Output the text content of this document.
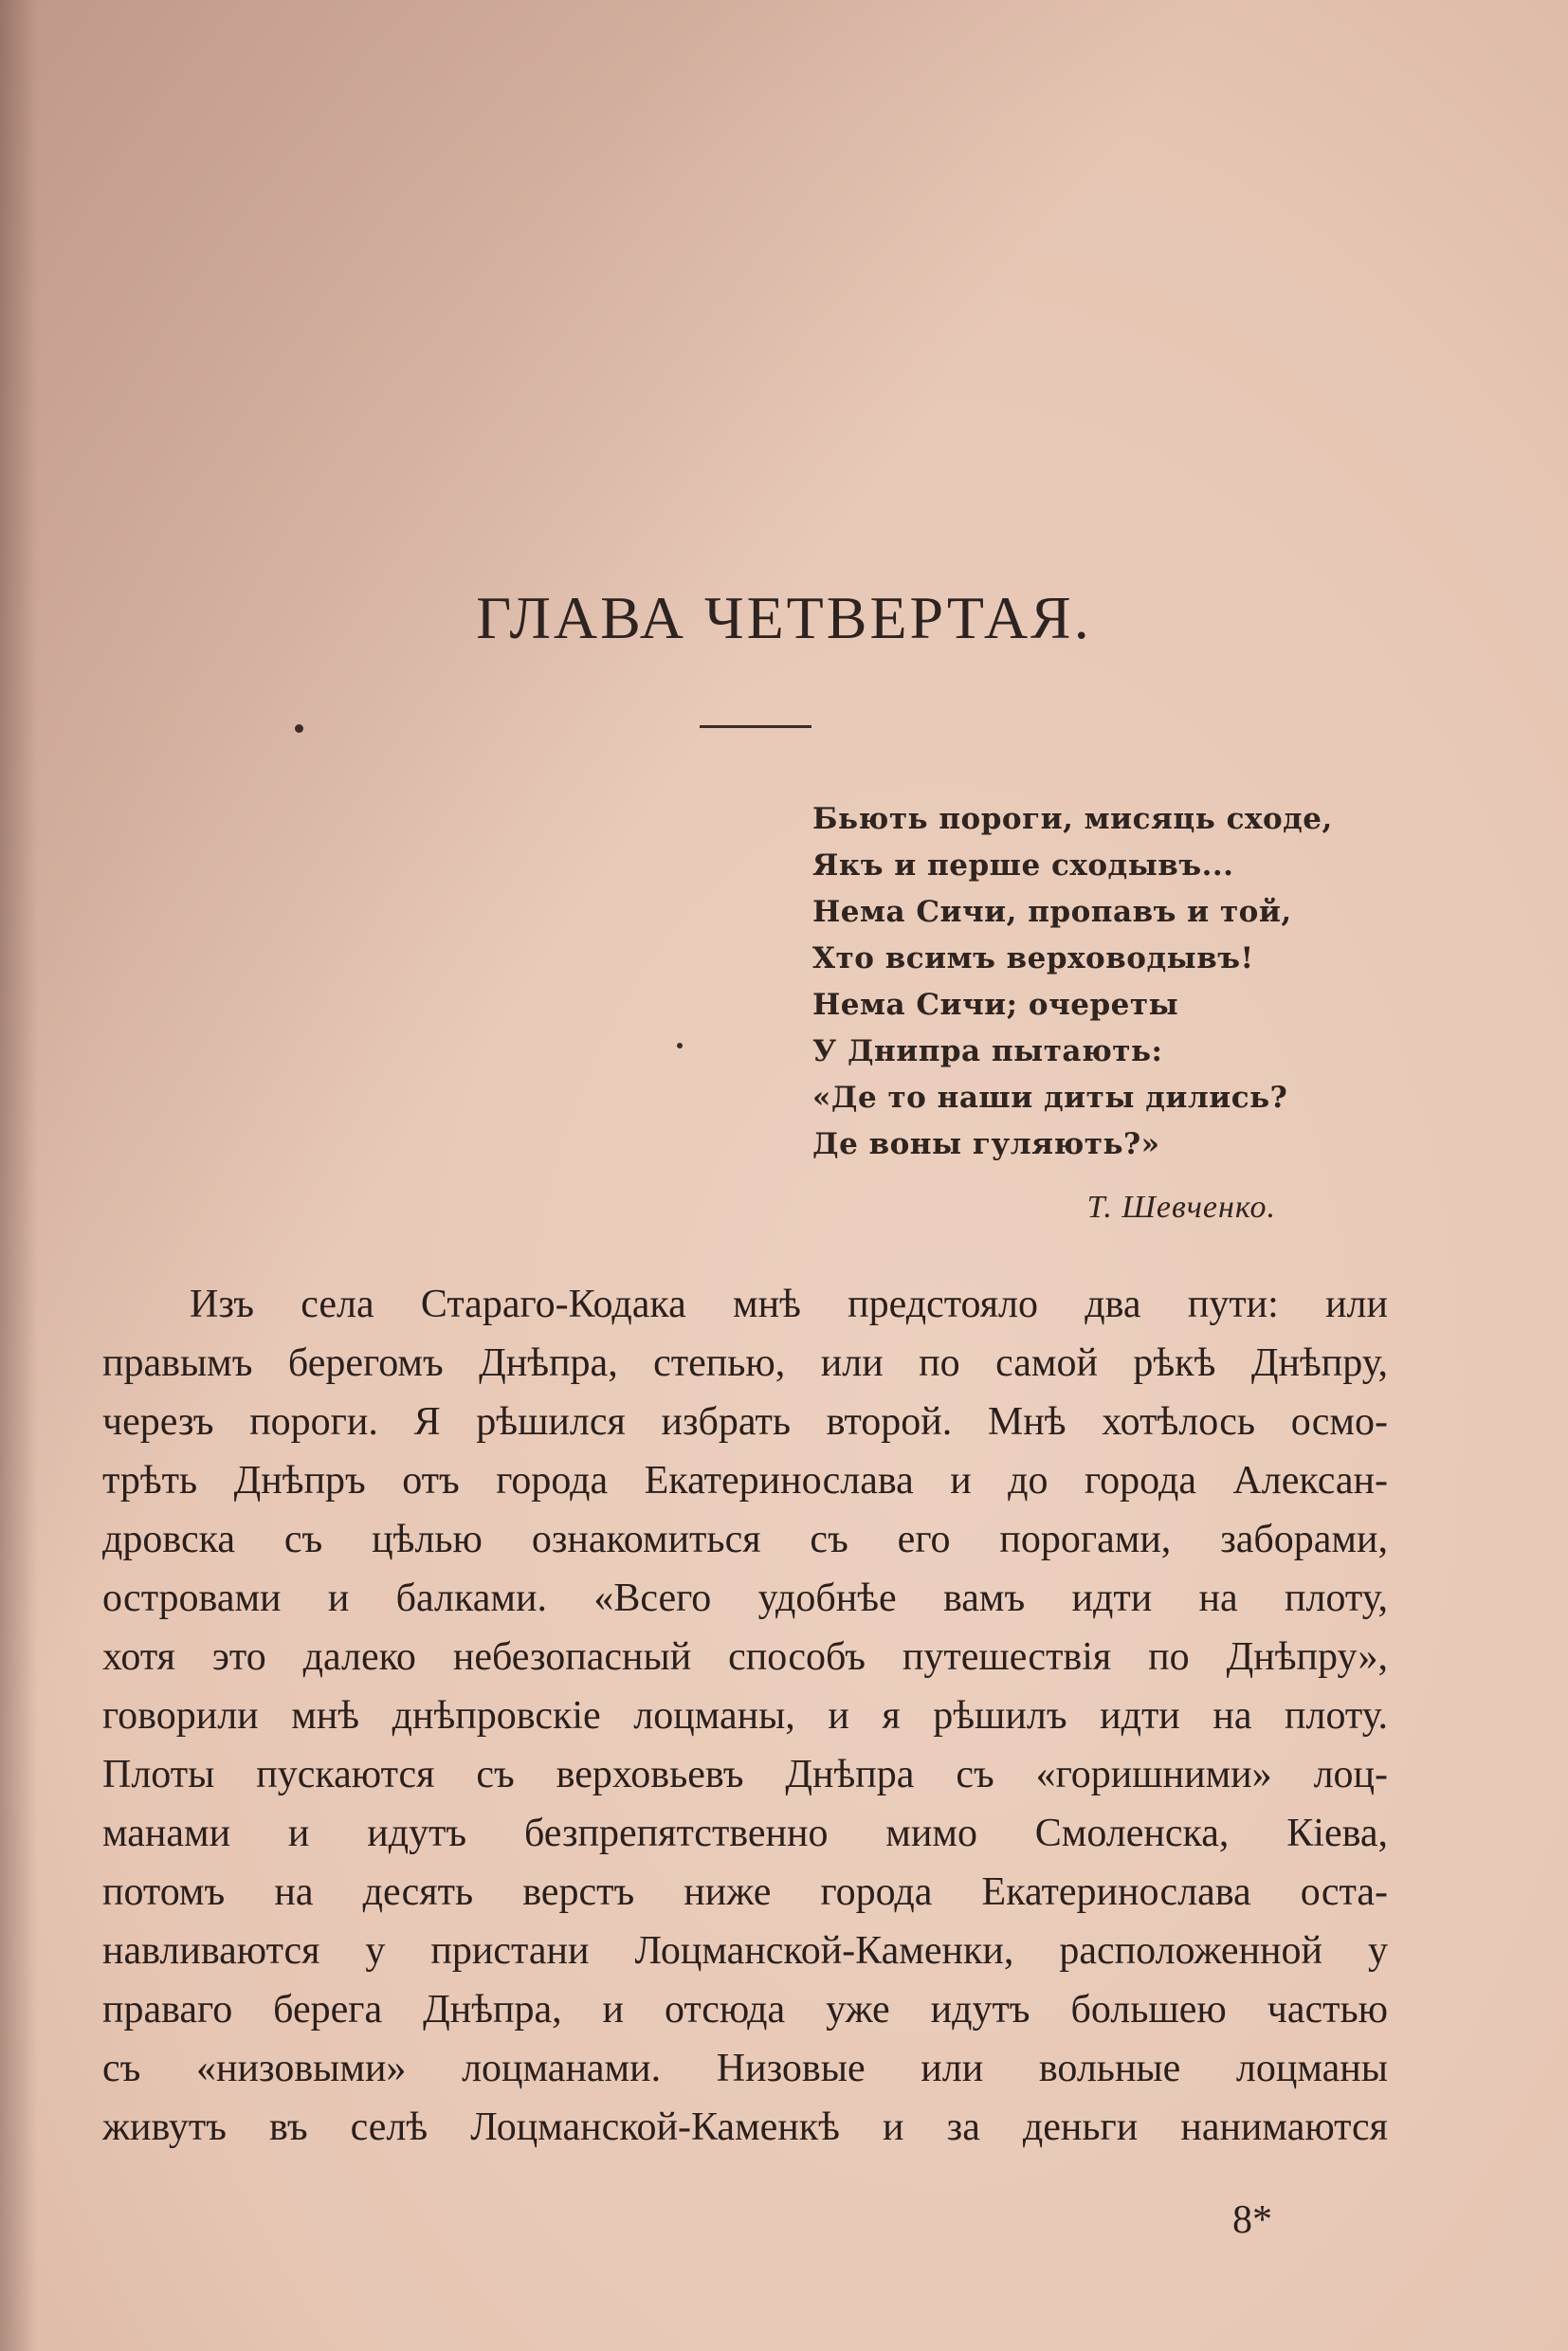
ГЛАВА ЧЕТВЕРТАЯ.
Бьють пороги, мисяць сходе,
Якъ и перше сходывъ...
Нема Сичи, пропавъ и той,
Хто всимъ верховодывъ!
Нема Сичи; очереты
У Днипра пытають:
«Де то наши диты дились?
Де воны гуляють?»
Т. Шевченко.
Изъ села Стараго-Кодака мнѣ предстояло два пути: или
правымъ берегомъ Днѣпра, степью, или по самой рѣкѣ Днѣпру,
черезъ пороги. Я рѣшился избрать второй. Мнѣ хотѣлось осмо-
трѣть Днѣпръ отъ города Екатеринослава и до города Алексан-
дровска съ цѣлью ознакомиться съ его порогами, заборами,
островами и балками. «Всего удобнѣе вамъ идти на плоту,
хотя это далеко небезопасный способъ путешествія по Днѣпру»,
говорили мнѣ днѣпровскіе лоцманы, и я рѣшилъ идти на плоту.
Плоты пускаются съ верховьевъ Днѣпра съ «горишними» лоц-
манами и идутъ безпрепятственно мимо Смоленска, Кіева,
потомъ на десять верстъ ниже города Екатеринослава оста-
навливаются у пристани Лоцманской-Каменки, расположенной у
праваго берега Днѣпра, и отсюда уже идутъ большею частью
съ «низовыми» лоцманами. Низовые или вольные лоцманы
живутъ въ селѣ Лоцманской-Каменкѣ и за деньги нанимаются
8*
